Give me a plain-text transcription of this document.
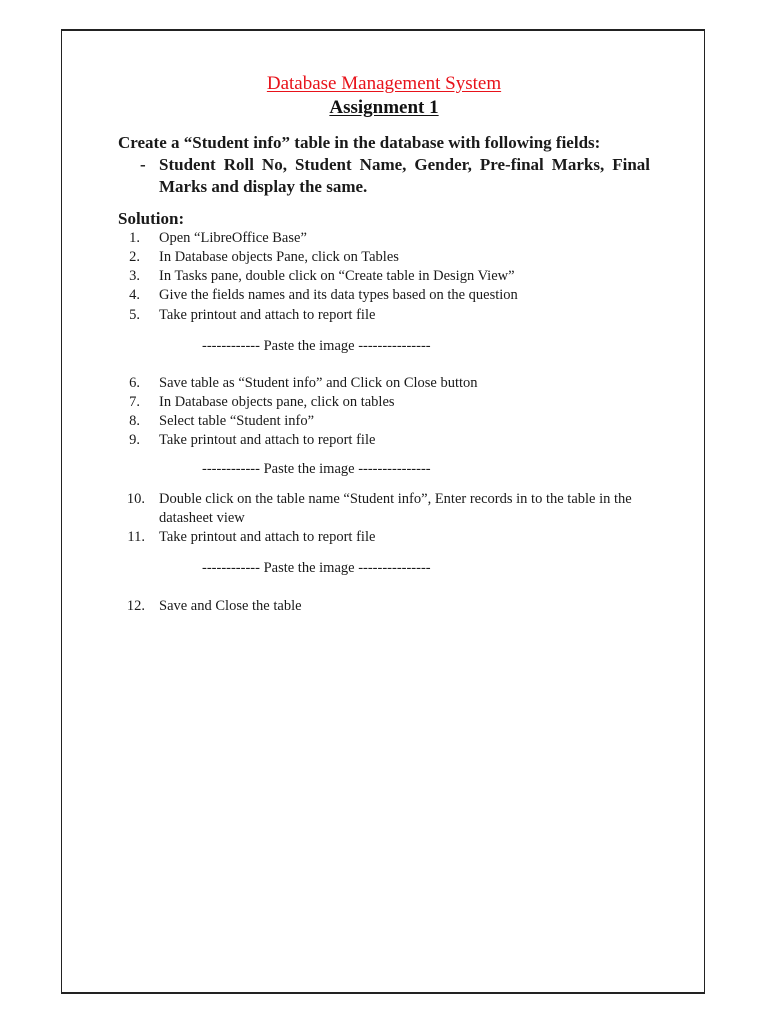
Database Management System
Assignment 1
Create a “Student info” table in the database with following fields:
- Student Roll No, Student Name, Gender, Pre-final Marks, Final Marks and display the same.
Solution:
1. Open “LibreOffice Base”
2. In Database objects Pane, click on Tables
3. In Tasks pane, double click on “Create table in Design View”
4. Give the fields names and its data types based on the question
5. Take printout and attach to report file
------------ Paste the image ---------------
6. Save table as “Student info” and Click on Close button
7. In Database objects pane, click on tables
8. Select table “Student info”
9. Take printout and attach to report file
------------ Paste the image ---------------
10. Double click on the table name “Student info”, Enter records in to the table in the datasheet view
11. Take printout and attach to report file
------------ Paste the image ---------------
12. Save and Close the table
